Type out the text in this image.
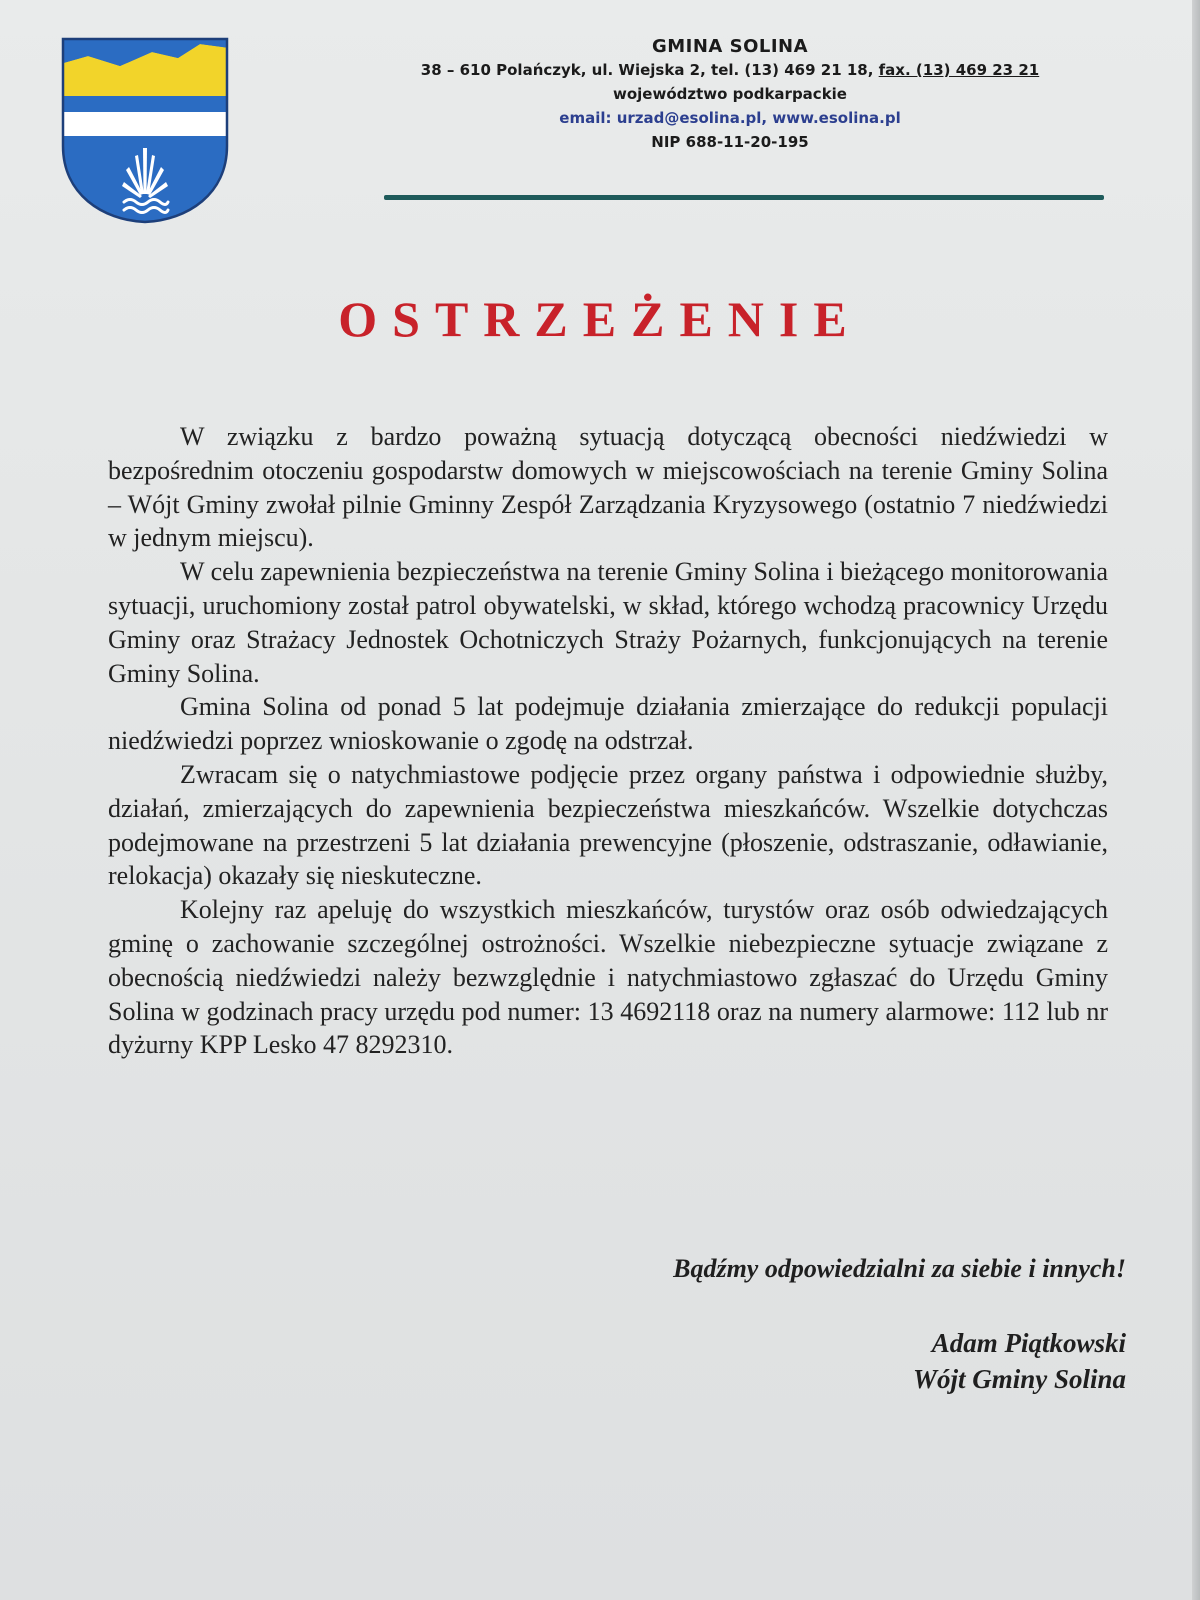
GMINA SOLINA
38 – 610 Polańczyk, ul. Wiejska 2, tel. (13) 469 21 18, fax. (13) 469 23 21
województwo podkarpackie
email: urzad@esolina.pl, www.esolina.pl
NIP 688-11-20-195
OSTRZEŻENIE

W związku z bardzo poważną sytuacją dotyczącą obecności niedźwiedzi w bezpośrednim otoczeniu gospodarstw domowych w miejscowościach na terenie Gminy Solina – Wójt Gminy zwołał pilnie Gminny Zespół Zarządzania Kryzysowego (ostatnio 7 niedźwiedzi w jednym miejscu).

W celu zapewnienia bezpieczeństwa na terenie Gminy Solina i bieżącego monitorowania sytuacji, uruchomiony został patrol obywatelski, w skład, którego wchodzą pracownicy Urzędu Gminy oraz Strażacy Jednostek Ochotniczych Straży Pożarnych, funkcjonujących na terenie Gminy Solina.

Gmina Solina od ponad 5 lat podejmuje działania zmierzające do redukcji populacji niedźwiedzi poprzez wnioskowanie o zgodę na odstrzał.

Zwracam się o natychmiastowe podjęcie przez organy państwa i odpowiednie służby, działań, zmierzających do zapewnienia bezpieczeństwa mieszkańców. Wszelkie dotychczas podejmowane na przestrzeni 5 lat działania prewencyjne (płoszenie, odstraszanie, odławianie, relokacja) okazały się nieskuteczne.

Kolejny raz apeluję do wszystkich mieszkańców, turystów oraz osób odwiedzających gminę o zachowanie szczególnej ostrożności. Wszelkie niebezpieczne sytuacje związane z obecnością niedźwiedzi należy bezwzględnie i natychmiastowo zgłaszać do Urzędu Gminy Solina w godzinach pracy urzędu pod numer: 13 4692118 oraz na numery alarmowe: 112 lub nr dyżurny KPP Lesko 47 8292310.

Bądźmy odpowiedzialni za siebie i innych!
Adam Piątkowski
Wójt Gminy Solina
